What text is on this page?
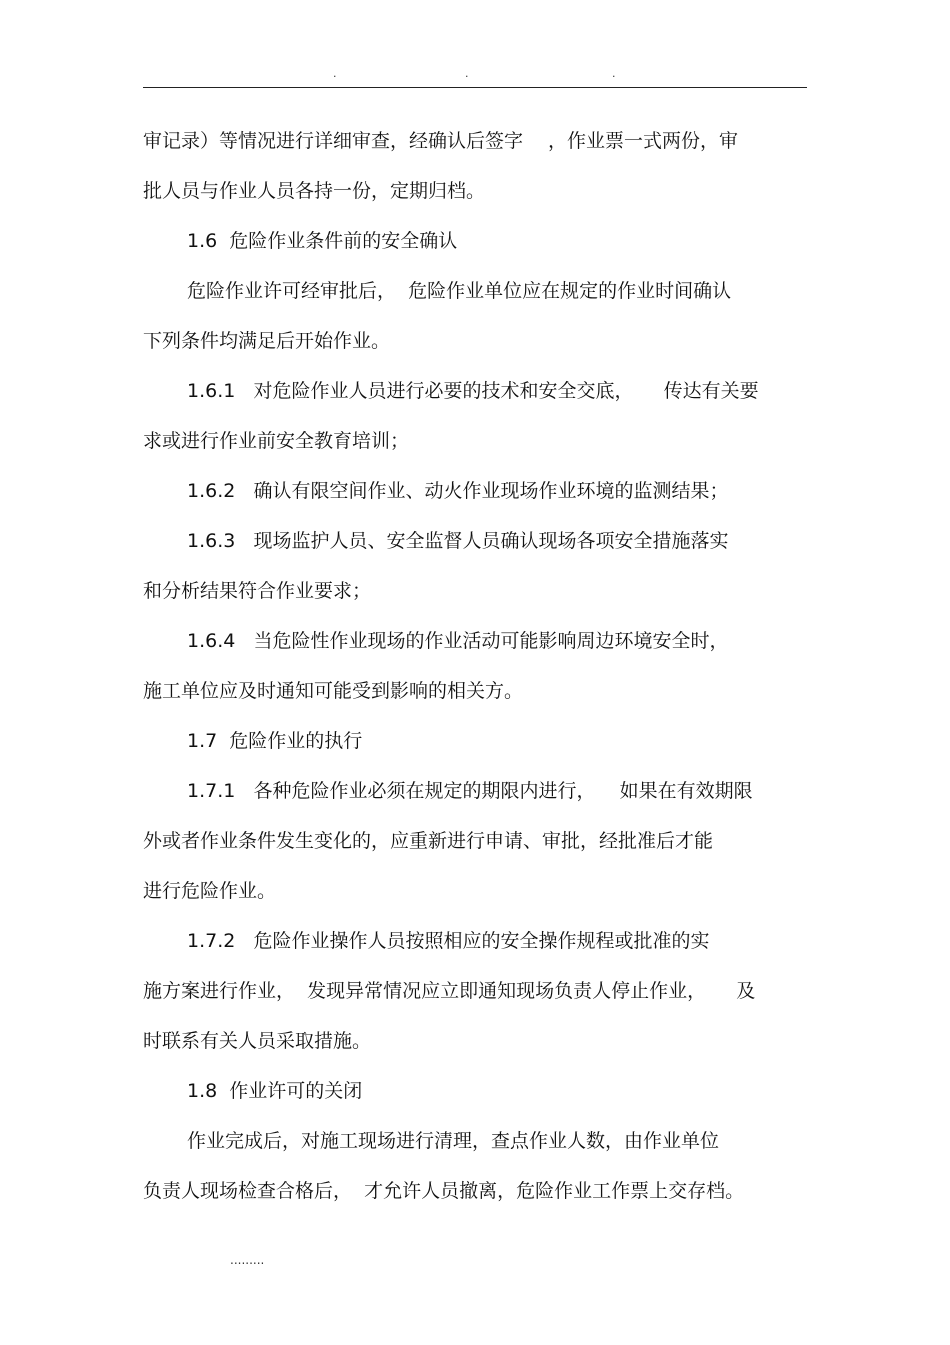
·	·	·
审记录）等情况进行详细审查，经确认后签字　 ，作业票一式两份，审
批人员与作业人员各持一份，定期归档。
1.6  危险作业条件前的安全确认
危险作业许可经审批后，  危险作业单位应在规定的作业时间确认
下列条件均满足后开始作业。
1.6.1   对危险作业人员进行必要的技术和安全交底，     传达有关要
求或进行作业前安全教育培训；
1.6.2   确认有限空间作业、动火作业现场作业环境的监测结果；
1.6.3   现场监护人员、安全监督人员确认现场各项安全措施落实
和分析结果符合作业要求；
1.6.4   当危险性作业现场的作业活动可能影响周边环境安全时，
施工单位应及时通知可能受到影响的相关方。
1.7  危险作业的执行
1.7.1   各种危险作业必须在规定的期限内进行，    如果在有效期限
外或者作业条件发生变化的，应重新进行申请、审批，经批准后才能
进行危险作业。
1.7.2   危险作业操作人员按照相应的安全操作规程或批准的实
施方案进行作业，  发现异常情况应立即通知现场负责人停止作业，     及
时联系有关人员采取措施。
1.8  作业许可的关闭
作业完成后，对施工现场进行清理，查点作业人数，由作业单位
负责人现场检查合格后，  才允许人员撤离，危险作业工作票上交存档。
.........
